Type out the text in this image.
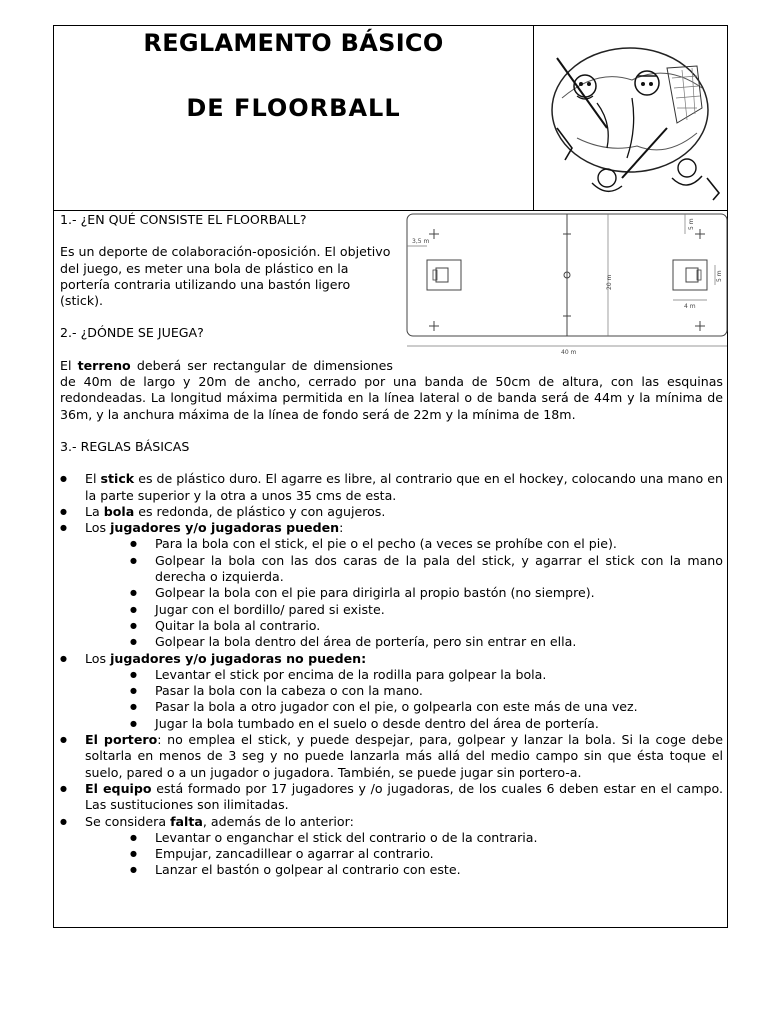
REGLAMENTO BÁSICO
DE FLOORBALL
3,5 m
20 m
5 m
5 m
4 m
40 m

1.- ¿EN QUÉ CONSISTE EL FLOORBALL?

Es un deporte de colaboración-oposición. El objetivo del juego, es meter una bola de plástico en la portería contraria utilizando una bastón ligero (stick).

2.- ¿DÓNDE SE JUEGA?

El terreno deberá ser rectangular de dimensiones de 40m de largo y 20m de ancho, cerrado por una banda de 50cm de altura, con las esquinas redondeadas. La longitud máxima permitida en la línea lateral o de banda será de 44m y la mínima de 36m, y la anchura máxima de la línea de fondo será de 22m y la mínima de 18m.

3.- REGLAS BÁSICAS

● El stick es de plástico duro. El agarre es libre, al contrario que en el hockey, colocando una mano en la parte superior y la otra a unos 35 cms de esta.
● La bola es redonda, de plástico y con agujeros.
● Los jugadores y/o jugadoras pueden:
● Para la bola con el stick, el pie o el pecho (a veces se prohíbe con el pie).
● Golpear la bola con las dos caras de la pala del stick, y agarrar el stick con la mano derecha o izquierda.
● Golpear la bola con el pie para dirigirla al propio bastón (no siempre).
● Jugar con el bordillo/ pared si existe.
● Quitar la bola al contrario.
● Golpear la bola dentro del área de portería, pero sin entrar en ella.
● Los jugadores y/o jugadoras no pueden:
● Levantar el stick por encima de la rodilla para golpear la bola.
● Pasar la bola con la cabeza o con la mano.
● Pasar la bola a otro jugador con el pie, o golpearla con este más de una vez.
● Jugar la bola tumbado en el suelo o desde dentro del área de portería.
● El portero: no emplea el stick, y puede despejar, para, golpear y lanzar la bola. Si la coge debe soltarla en menos de 3 seg y no puede lanzarla más allá del medio campo sin que ésta toque el suelo, pared o a un jugador o jugadora. También, se puede jugar sin portero-a.
● El equipo está formado por 17 jugadores y /o jugadoras, de los cuales 6 deben estar en el campo. Las sustituciones son ilimitadas.
● Se considera falta, además de lo anterior:
● Levantar o enganchar el stick del contrario o de la contraria.
● Empujar, zancadillear o agarrar al contrario.
● Lanzar el bastón o golpear al contrario con este.
